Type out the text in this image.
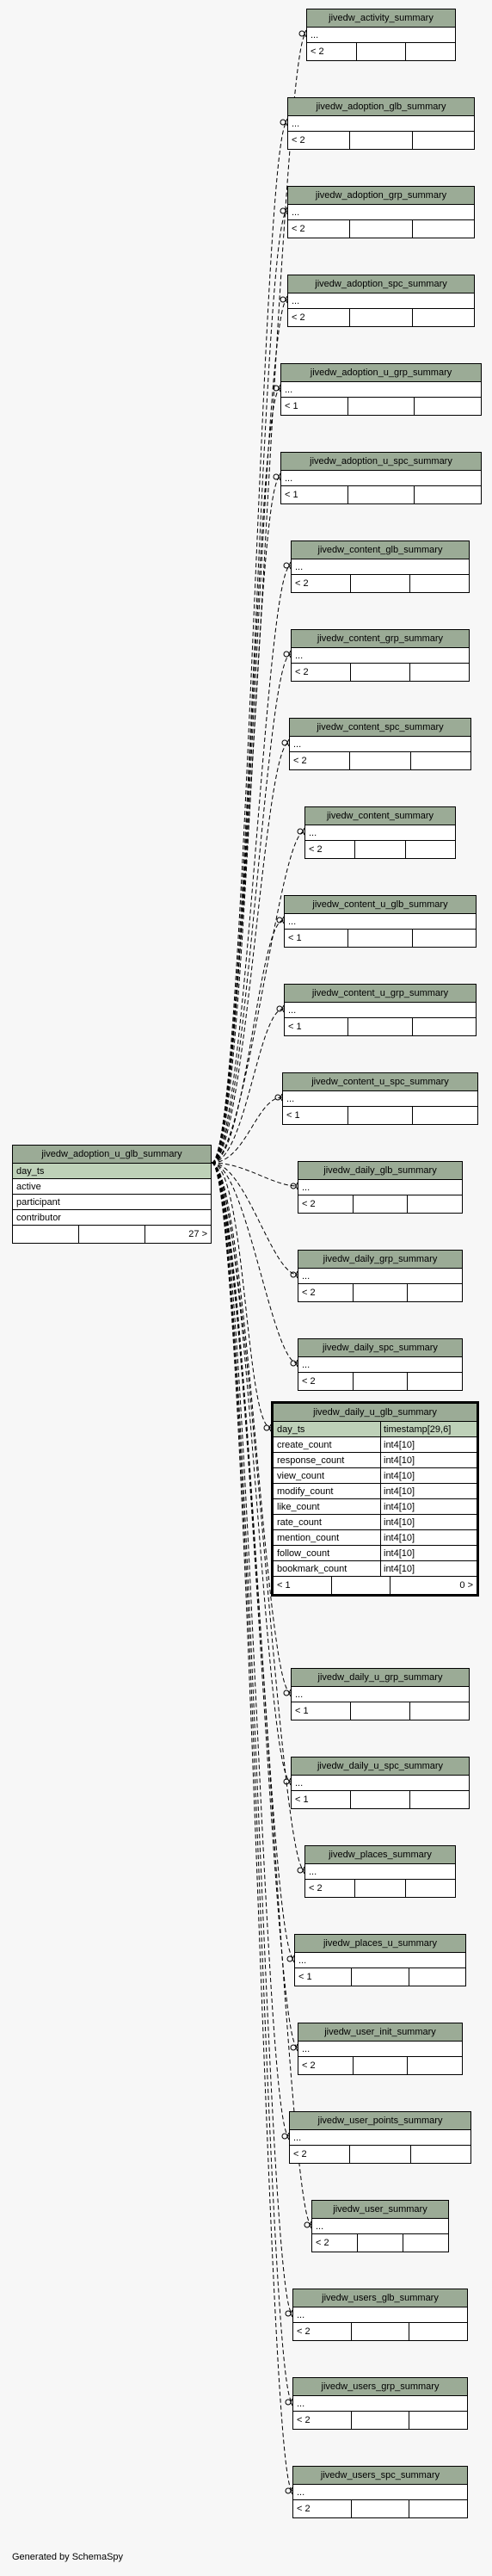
jivedw_adoption_u_glb_summary
day_ts
active
participant
contributor
27 >
jivedw_daily_u_glb_summary
day_ts	timestamp[29,6]
create_count	int4[10]
response_count	int4[10]
view_count	int4[10]
modify_count	int4[10]
like_count	int4[10]
rate_count	int4[10]
mention_count	int4[10]
follow_count	int4[10]
bookmark_count	int4[10]
< 1	0 >
jivedw_activity_summary
...
< 2
jivedw_adoption_glb_summary
...
< 2
jivedw_adoption_grp_summary
...
< 2
jivedw_adoption_spc_summary
...
< 2
jivedw_adoption_u_grp_summary
...
< 1
jivedw_adoption_u_spc_summary
...
< 1
jivedw_content_glb_summary
...
< 2
jivedw_content_grp_summary
...
< 2
jivedw_content_spc_summary
...
< 2
jivedw_content_summary
...
< 2
jivedw_content_u_glb_summary
...
< 1
jivedw_content_u_grp_summary
...
< 1
jivedw_content_u_spc_summary
...
< 1
jivedw_daily_glb_summary
...
< 2
jivedw_daily_grp_summary
...
< 2
jivedw_daily_spc_summary
...
< 2
jivedw_daily_u_grp_summary
...
< 1
jivedw_daily_u_spc_summary
...
< 1
jivedw_places_summary
...
< 2
jivedw_places_u_summary
...
< 1
jivedw_user_init_summary
...
< 2
jivedw_user_points_summary
...
< 2
jivedw_user_summary
...
< 2
jivedw_users_glb_summary
...
< 2
jivedw_users_grp_summary
...
< 2
jivedw_users_spc_summary
...
< 2
Generated by SchemaSpy
